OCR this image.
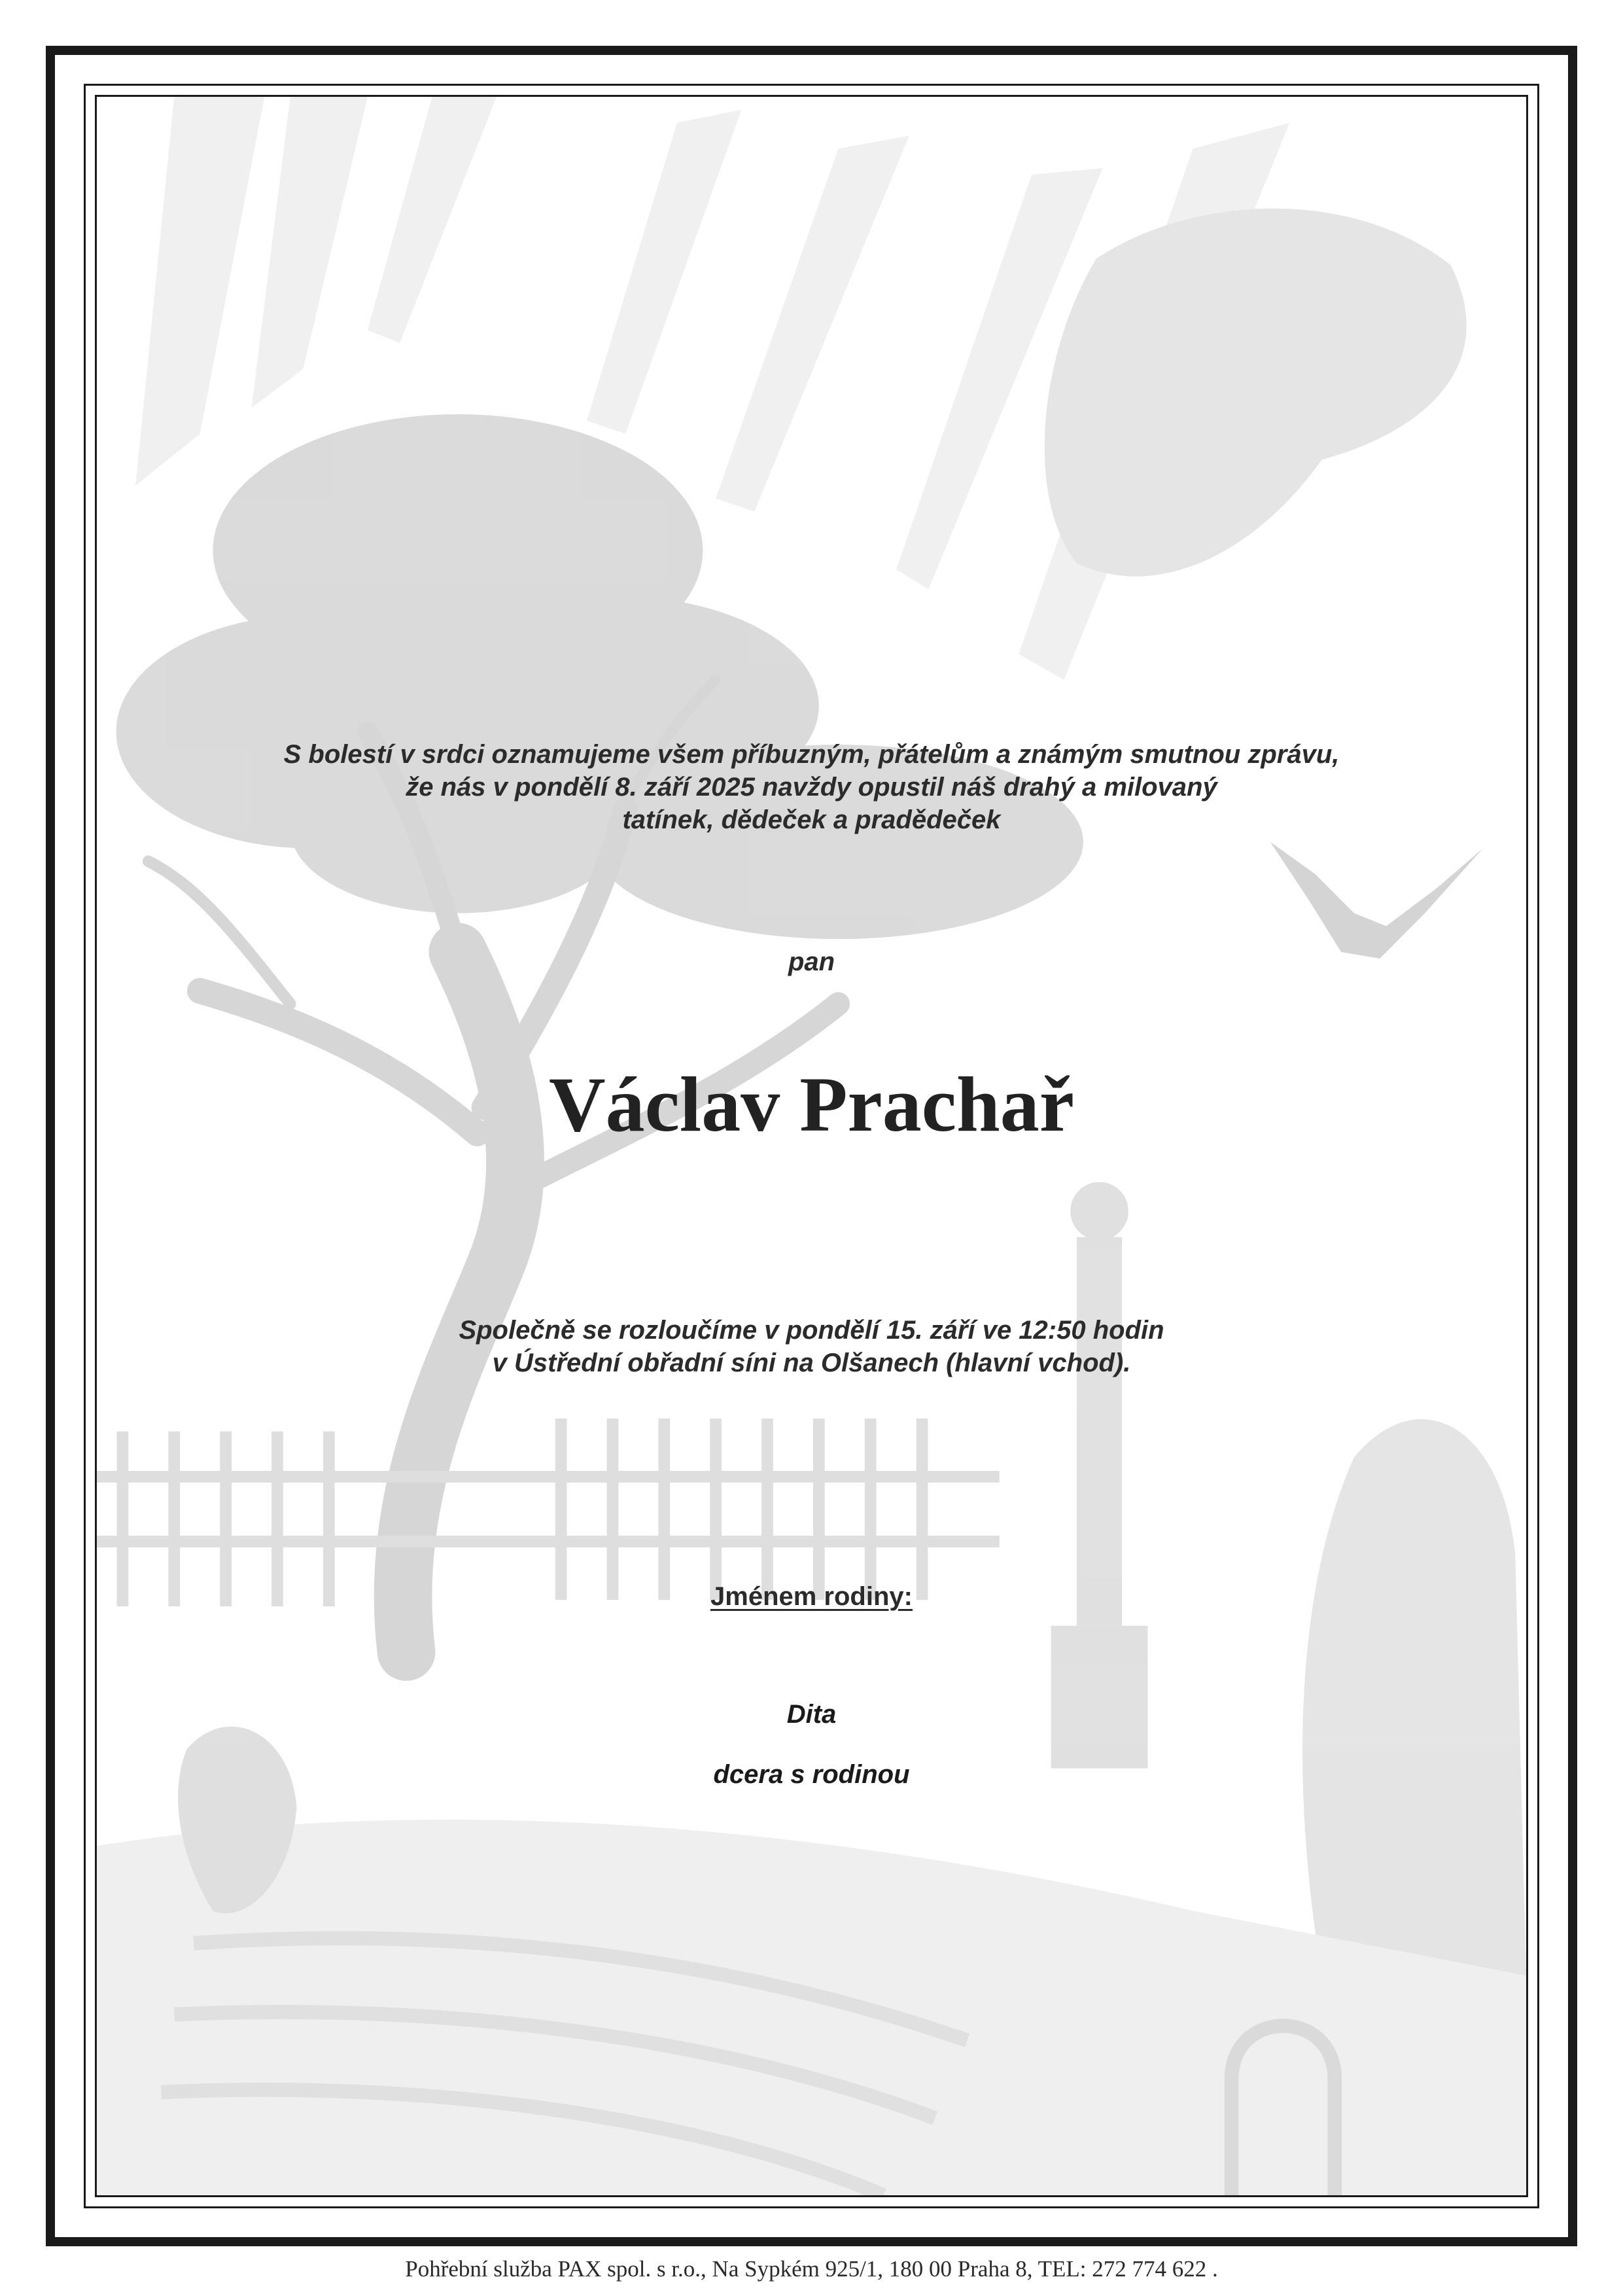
S bolestí v srdci oznamujeme všem příbuzným, přátelům a známým smutnou zprávu,
že nás v pondělí 8. září 2025 navždy opustil náš drahý a milovaný
tatínek, dědeček a pradědeček
pan
Václav Prachař
Společně se rozloučíme v pondělí 15. září ve 12:50 hodin
v Ústřední obřadní síni na Olšanech (hlavní vchod).
Jménem rodiny:
Dita
dcera s rodinou
Pohřební služba PAX spol. s r.o., Na Sypkém 925/1, 180 00 Praha 8, TEL: 272 774 622 .
